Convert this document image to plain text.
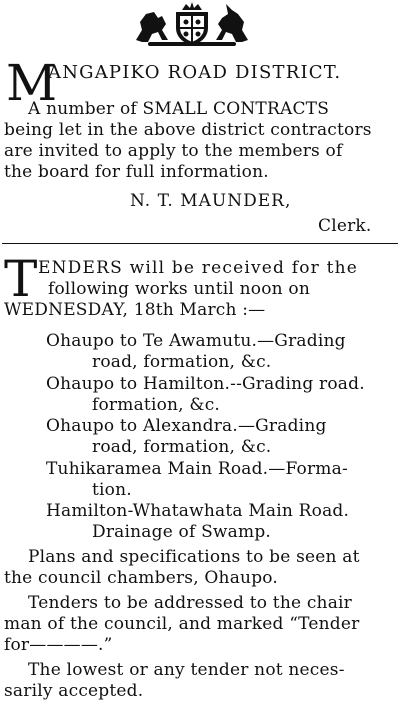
M
ANGAPIKO ROAD DISTRICT.
A number of SMALL CONTRACTS
being let in the above district contractors
are invited to apply to the members of
the board for full information.
N. T. MAUNDER,
Clerk.
T ENDERS will be received for the
following works until noon on
WEDNESDAY, 18th March :—
Ohaupo to Te Awamutu.—Grading
road, formation, &c.
Ohaupo to Hamilton.--Grading road.
formation, &c.
Ohaupo to Alexandra.—Grading
road, formation, &c.
Tuhikaramea Main Road.—Forma-
tion.
Hamilton-Whatawhata Main Road.
Drainage of Swamp.
Plans and specifications to be seen at
the council chambers, Ohaupo.
Tenders to be addressed to the chair
man of the council, and marked “Tender
for————.”
The lowest or any tender not neces-
sarily accepted.
